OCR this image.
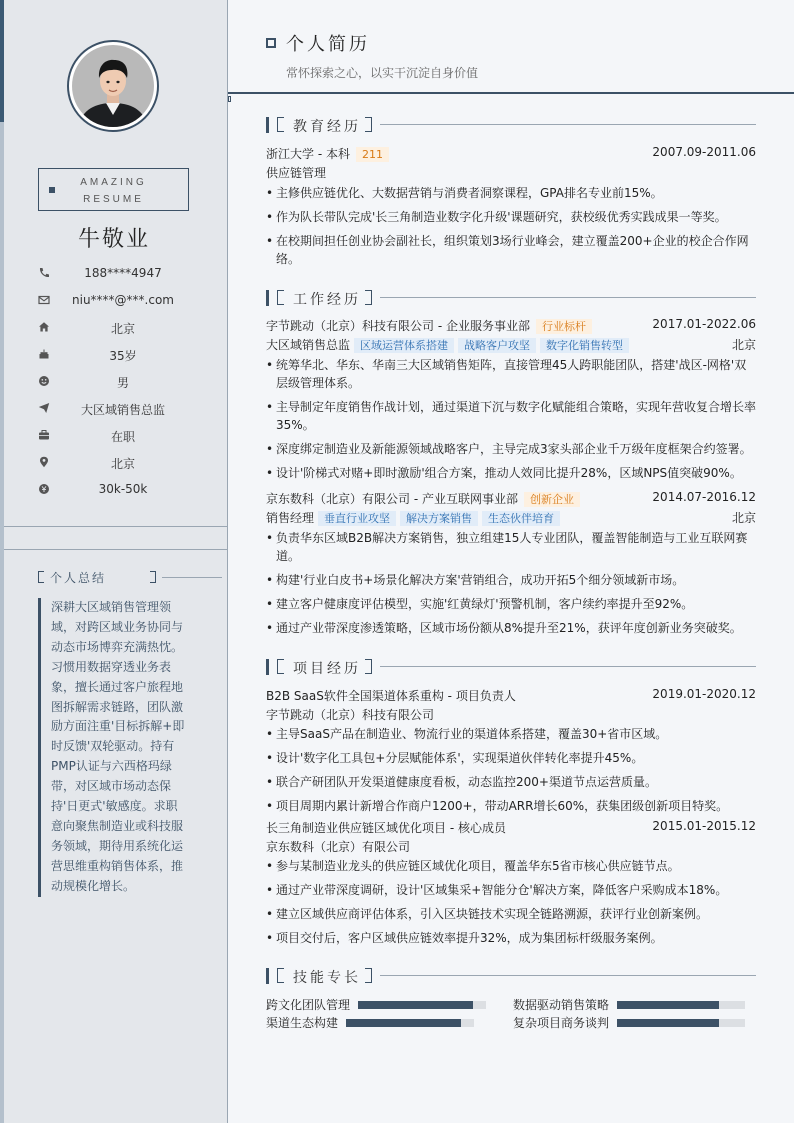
AMAZING
RESUME
牛敬业
188****4947
niu****@***.com
北京
35岁
男
大区域销售总监
在职
北京
30k-50k
个人总结
深耕大区域销售管理领域，对跨区域业务协同与动态市场博弈充满热忱。习惯用数据穿透业务表象，擅长通过客户旅程地图拆解需求链路，团队激励方面注重'目标拆解+即时反馈'双轮驱动。持有PMP认证与六西格玛绿带，对区域市场动态保持'日更式'敏感度。求职意向聚焦制造业或科技服务领域，期待用系统化运营思维重构销售体系，推动规模化增长。
个人简历
常怀探索之心，以实干沉淀自身价值
教育经历
浙江大学 - 本科 211	2007.09-2011.06
供应链管理
• 主修供应链优化、大数据营销与消费者洞察课程，GPA排名专业前15%。
• 作为队长带队完成'长三角制造业数字化升级'课题研究，获校级优秀实践成果一等奖。
• 在校期间担任创业协会副社长，组织策划3场行业峰会，建立覆盖200+企业的校企合作网络。
工作经历
字节跳动（北京）科技有限公司 - 企业服务事业部 行业标杆	2017.01-2022.06
大区域销售总监 区域运营体系搭建 战略客户攻坚 数字化销售转型	北京
• 统筹华北、华东、华南三大区域销售矩阵，直接管理45人跨职能团队，搭建'战区-网格'双层级管理体系。
• 主导制定年度销售作战计划，通过渠道下沉与数字化赋能组合策略，实现年营收复合增长率35%。
• 深度绑定制造业及新能源领域战略客户，主导完成3家头部企业千万级年度框架合约签署。
• 设计'阶梯式对赌+即时激励'组合方案，推动人效同比提升28%，区域NPS值突破90%。
京东数科（北京）有限公司 - 产业互联网事业部 创新企业	2014.07-2016.12
销售经理 垂直行业攻坚 解决方案销售 生态伙伴培育	北京
• 负责华东区域B2B解决方案销售，独立组建15人专业团队，覆盖智能制造与工业互联网赛道。
• 构建'行业白皮书+场景化解决方案'营销组合，成功开拓5个细分领域新市场。
• 建立客户健康度评估模型，实施'红黄绿灯'预警机制，客户续约率提升至92%。
• 通过产业带深度渗透策略，区域市场份额从8%提升至21%，获评年度创新业务突破奖。
项目经历
B2B SaaS软件全国渠道体系重构 - 项目负责人	2019.01-2020.12
字节跳动（北京）科技有限公司
• 主导SaaS产品在制造业、物流行业的渠道体系搭建，覆盖30+省市区域。
• 设计'数字化工具包+分层赋能体系'，实现渠道伙伴转化率提升45%。
• 联合产研团队开发渠道健康度看板，动态监控200+渠道节点运营质量。
• 项目周期内累计新增合作商户1200+，带动ARR增长60%，获集团级创新项目特奖。
长三角制造业供应链区域优化项目 - 核心成员	2015.01-2015.12
京东数科（北京）有限公司
• 参与某制造业龙头的供应链区域优化项目，覆盖华东5省市核心供应链节点。
• 通过产业带深度调研，设计'区域集采+智能分仓'解决方案，降低客户采购成本18%。
• 建立区域供应商评估体系，引入区块链技术实现全链路溯源，获评行业创新案例。
• 项目交付后，客户区域供应链效率提升32%，成为集团标杆级服务案例。
技能专长
跨文化团队管理	数据驱动销售策略
渠道生态构建	复杂项目商务谈判
